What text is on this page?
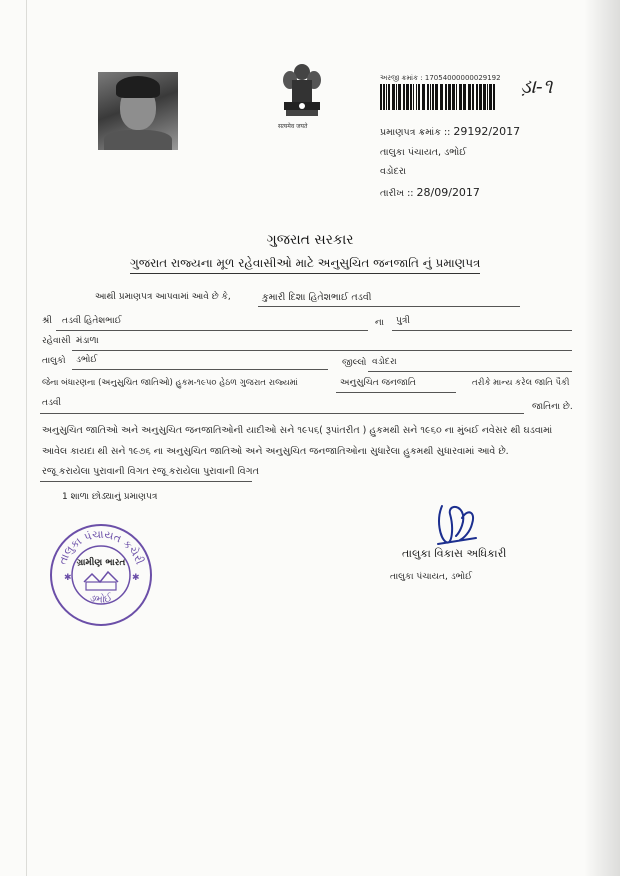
सत्यमेव जयते
અરજી ક્રમાંક : 17054000000029192 ડ઼ા-૧
પ્રમાણપત્ર ક્રમાંક :: 29192/2017
તાલુકા પંચાયત, ડભોઈ
વડોદરા
તારીખ :: 28/09/2017
ગુજરાત સરકાર
ગુજરાત રાજ્યના મૂળ રહેવાસીઓ માટે અનુસુચિત જનજાતિ નું પ્રમાણપત્ર
આથી પ્રમાણપત્ર આપવામાં આવે છે કે,	કુમારી દિશા હિતેશભાઈ તડવી
શ્રી તડવી હિતેશભાઈ	ના પુત્રી
રહેવાસી મંડાળા
તાલુકો ડભોઈ	જીલ્લો વડોદરા
જેના બંધારણના (અનુસુચિત જાતિઓ) હુકમ-૧૯૫૦ હેઠળ ગુજરાત રાજ્યમાં	અનુસુચિત જનજાતિ	તરીકે માન્ય કરેલ જાતિ પૈકી
તડવી	જાતિના છે.
અનુસુચિત જાતિઓ અને અનુસુચિત જનજાતિઓની યાદીઓ સને ૧૯૫૬( રૂપાંતરીત ) હુકમથી સને ૧૯૬૦ ના મુંબઈ નવેસર થી ઘડવામાં
આવેલ કાયદા થી સને ૧૯૭૬ ના અનુસુચિત જાતિઓ અને અનુસુચિત જનજાતિઓના સુધારેલા હુકમથી સુધારવામાં આવે છે.
રજૂ કરાયેલા પુરાવાની વિગત રજૂ કરાયેલા પુરાવાની વિગત
1 શાળા છોડ્યાનું પ્રમાણપત્ર
તાલુકા પંચાયત કચેરી
ડભોઈ
ગ્રામીણ ભારત
✱	✱
તાલુકા વિકાસ અધિકારી
તાલુકા પંચાયત, ડભોઈ
